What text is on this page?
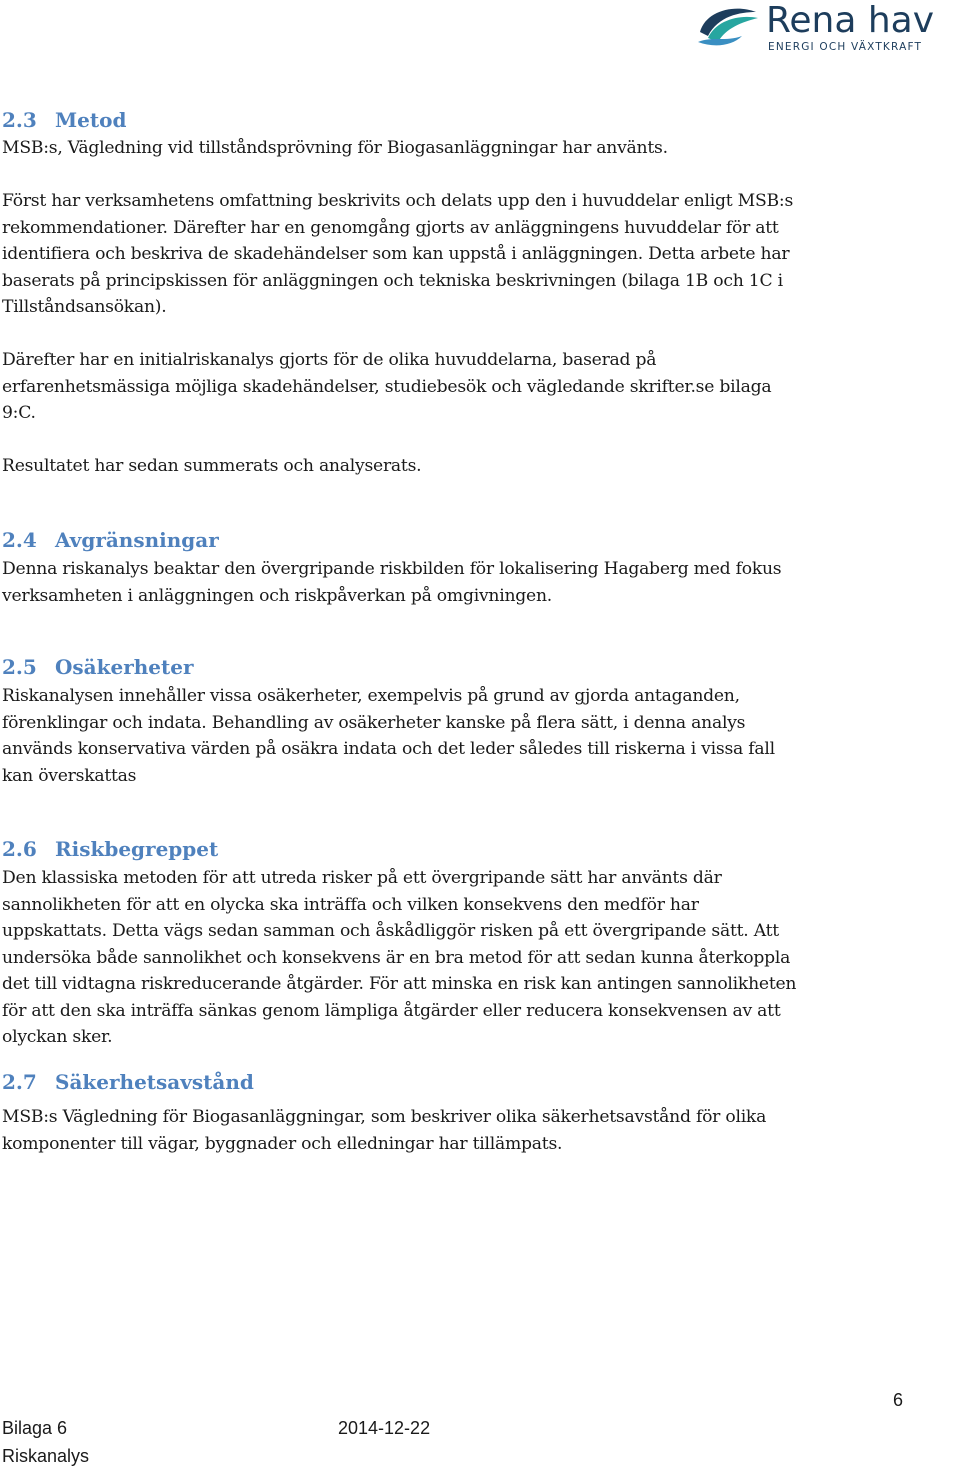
Rena hav
ENERGI OCH VÄXTKRAFT
2.3 Metod
MSB:s, Vägledning vid tillståndsprövning för Biogasanläggningar har använts.
Först har verksamhetens omfattning beskrivits och delats upp den i huvuddelar enligt MSB:s
rekommendationer. Därefter har en genomgång gjorts av anläggningens huvuddelar för att
identifiera och beskriva de skadehändelser som kan uppstå i anläggningen. Detta arbete har
baserats på principskissen för anläggningen och tekniska beskrivningen (bilaga 1B och 1C i
Tillståndsansökan).
Därefter har en initialriskanalys gjorts för de olika huvuddelarna, baserad på
erfarenhetsmässiga möjliga skadehändelser, studiebesök och vägledande skrifter.se bilaga
9:C.
Resultatet har sedan summerats och analyserats.
2.4 Avgränsningar
Denna riskanalys beaktar den övergripande riskbilden för lokalisering Hagaberg med fokus
verksamheten i anläggningen och riskpåverkan på omgivningen.
2.5 Osäkerheter
Riskanalysen innehåller vissa osäkerheter, exempelvis på grund av gjorda antaganden,
förenklingar och indata. Behandling av osäkerheter kanske på flera sätt, i denna analys
används konservativa värden på osäkra indata och det leder således till riskerna i vissa fall
kan överskattas
2.6 Riskbegreppet
Den klassiska metoden för att utreda risker på ett övergripande sätt har använts där
sannolikheten för att en olycka ska inträffa och vilken konsekvens den medför har
uppskattats. Detta vägs sedan samman och åskådliggör risken på ett övergripande sätt. Att
undersöka både sannolikhet och konsekvens är en bra metod för att sedan kunna återkoppla
det till vidtagna riskreducerande åtgärder. För att minska en risk kan antingen sannolikheten
för att den ska inträffa sänkas genom lämpliga åtgärder eller reducera konsekvensen av att
olyckan sker.
2.7 Säkerhetsavstånd
MSB:s Vägledning för Biogasanläggningar, som beskriver olika säkerhetsavstånd för olika
komponenter till vägar, byggnader och elledningar har tillämpats.
6
Bilaga 6	2014-12-22
Riskanalys
